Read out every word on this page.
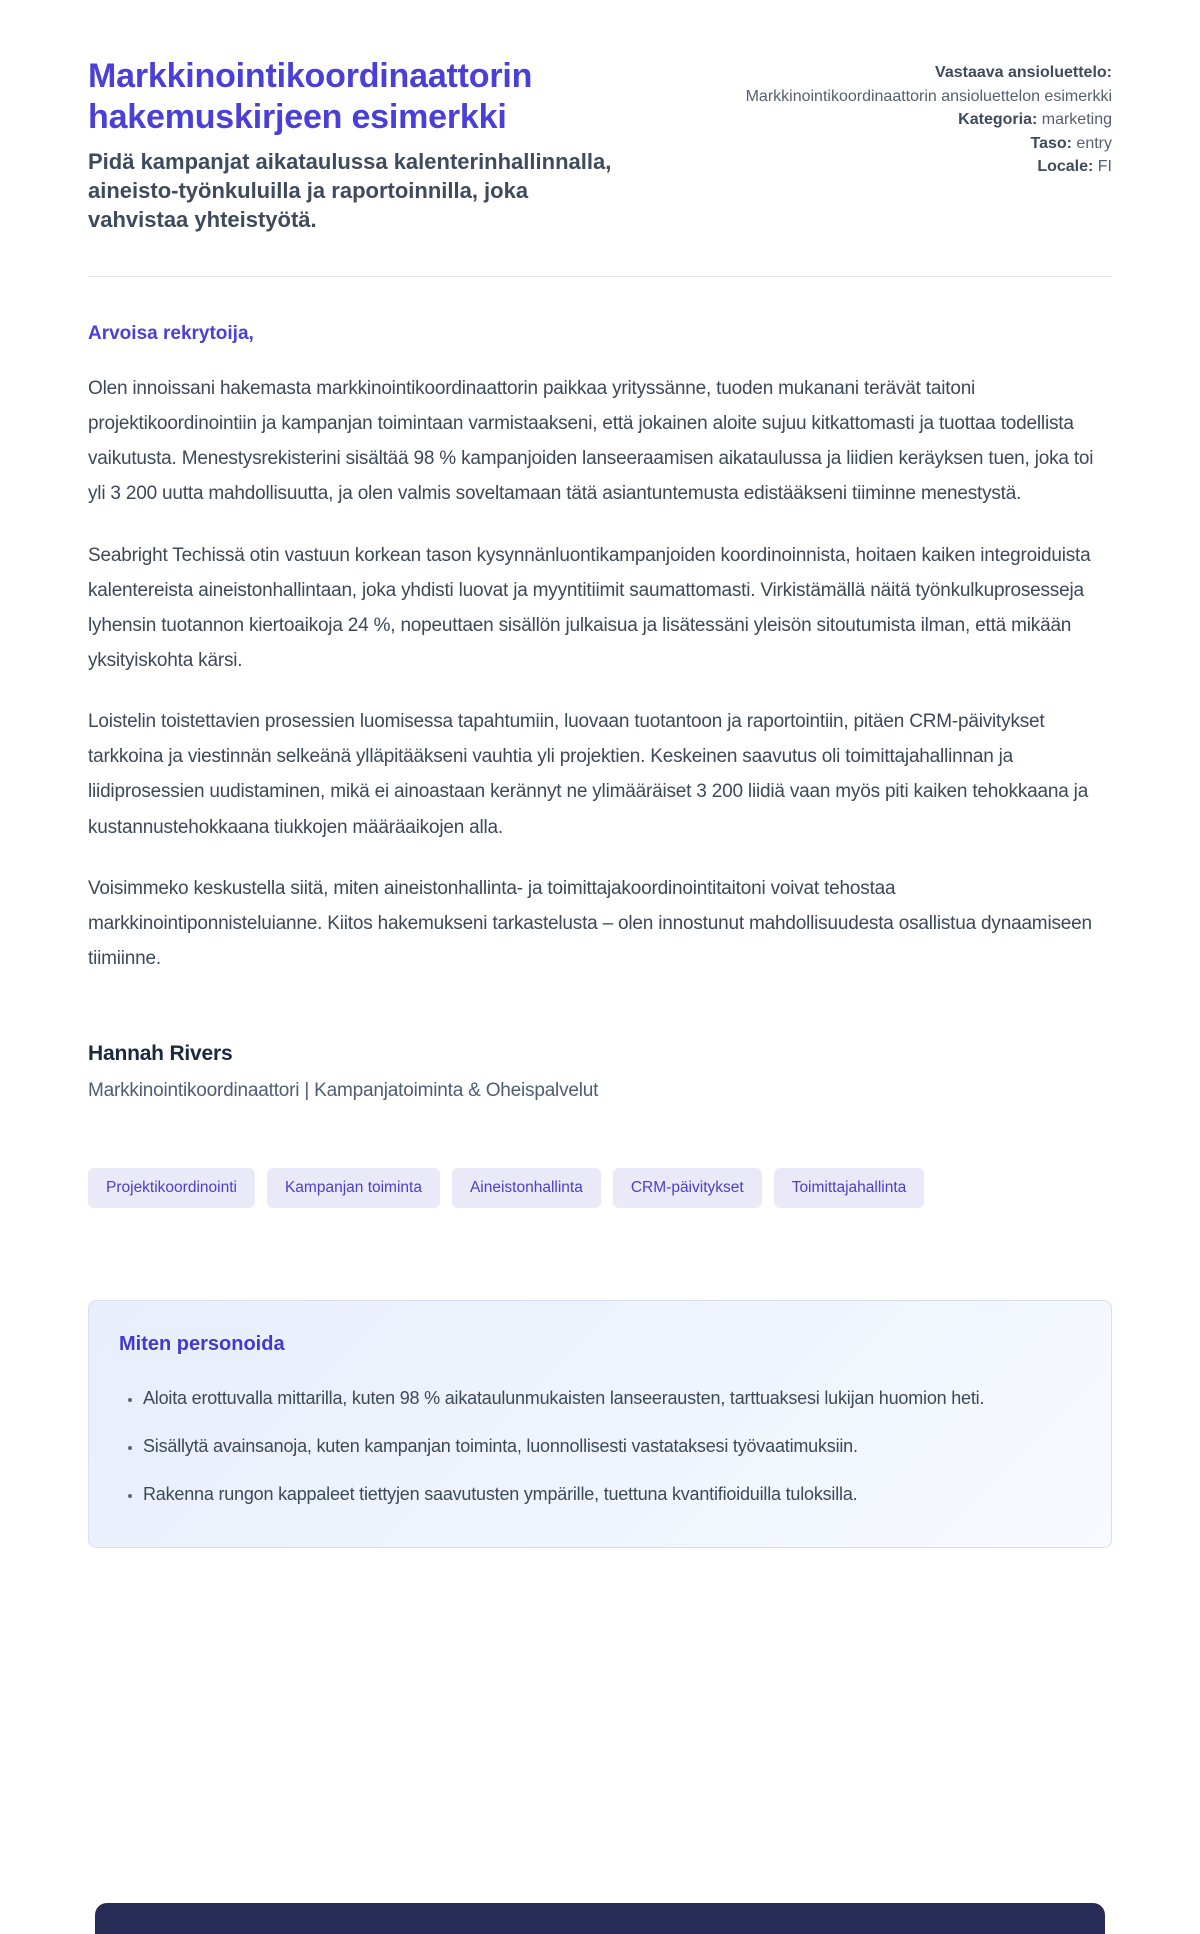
Markkinointikoordinaattorin hakemuskirjeen esimerkki
Pidä kampanjat aikataulussa kalenterinhallinnalla, aineisto-työnkuluilla ja raportoinnilla, joka vahvistaa yhteistyötä.
Vastaava ansioluettelo:
Markkinointikoordinaattorin ansioluettelon esimerkki
Kategoria: marketing
Taso: entry
Locale: FI
Arvoisa rekrytoija,

Olen innoissani hakemasta markkinointikoordinaattorin paikkaa yrityssänne, tuoden mukanani terävät taitoni projektikoordinointiin ja kampanjan toimintaan varmistaakseni, että jokainen aloite sujuu kitkattomasti ja tuottaa todellista vaikutusta. Menestysrekisterini sisältää 98 % kampanjoiden lanseeraamisen aikataulussa ja liidien keräyksen tuen, joka toi yli 3 200 uutta mahdollisuutta, ja olen valmis soveltamaan tätä asiantuntemusta edistääkseni tiiminne menestystä.

Seabright Techissä otin vastuun korkean tason kysynnänluontikampanjoiden koordinoinnista, hoitaen kaiken integroiduista kalentereista aineistonhallintaan, joka yhdisti luovat ja myyntitiimit saumattomasti. Virkistämällä näitä työnkulkuprosesseja lyhensin tuotannon kiertoaikoja 24 %, nopeuttaen sisällön julkaisua ja lisätessäni yleisön sitoutumista ilman, että mikään yksityiskohta kärsi.

Loistelin toistettavien prosessien luomisessa tapahtumiin, luovaan tuotantoon ja raportointiin, pitäen CRM-päivitykset tarkkoina ja viestinnän selkeänä ylläpitääkseni vauhtia yli projektien. Keskeinen saavutus oli toimittajahallinnan ja liidiprosessien uudistaminen, mikä ei ainoastaan kerännyt ne ylimääräiset 3 200 liidiä vaan myös piti kaiken tehokkaana ja kustannustehokkaana tiukkojen määräaikojen alla.

Voisimmeko keskustella siitä, miten aineistonhallinta- ja toimittajakoordinointitaitoni voivat tehostaa markkinointiponnisteluianne. Kiitos hakemukseni tarkastelusta – olen innostunut mahdollisuudesta osallistua dynaamiseen tiimiinne.

Hannah Rivers
Markkinointikoordinaattori | Kampanjatoiminta & Oheispalvelut
Projektikoordinointi	Kampanjan toiminta	Aineistonhallinta	CRM-päivitykset	Toimittajahallinta
Miten personoida
• Aloita erottuvalla mittarilla, kuten 98 % aikataulunmukaisten lanseerausten, tarttuaksesi lukijan huomion heti.
• Sisällytä avainsanoja, kuten kampanjan toiminta, luonnollisesti vastataksesi työvaatimuksiin.
• Rakenna rungon kappaleet tiettyjen saavutusten ympärille, tuettuna kvantifioiduilla tuloksilla.
